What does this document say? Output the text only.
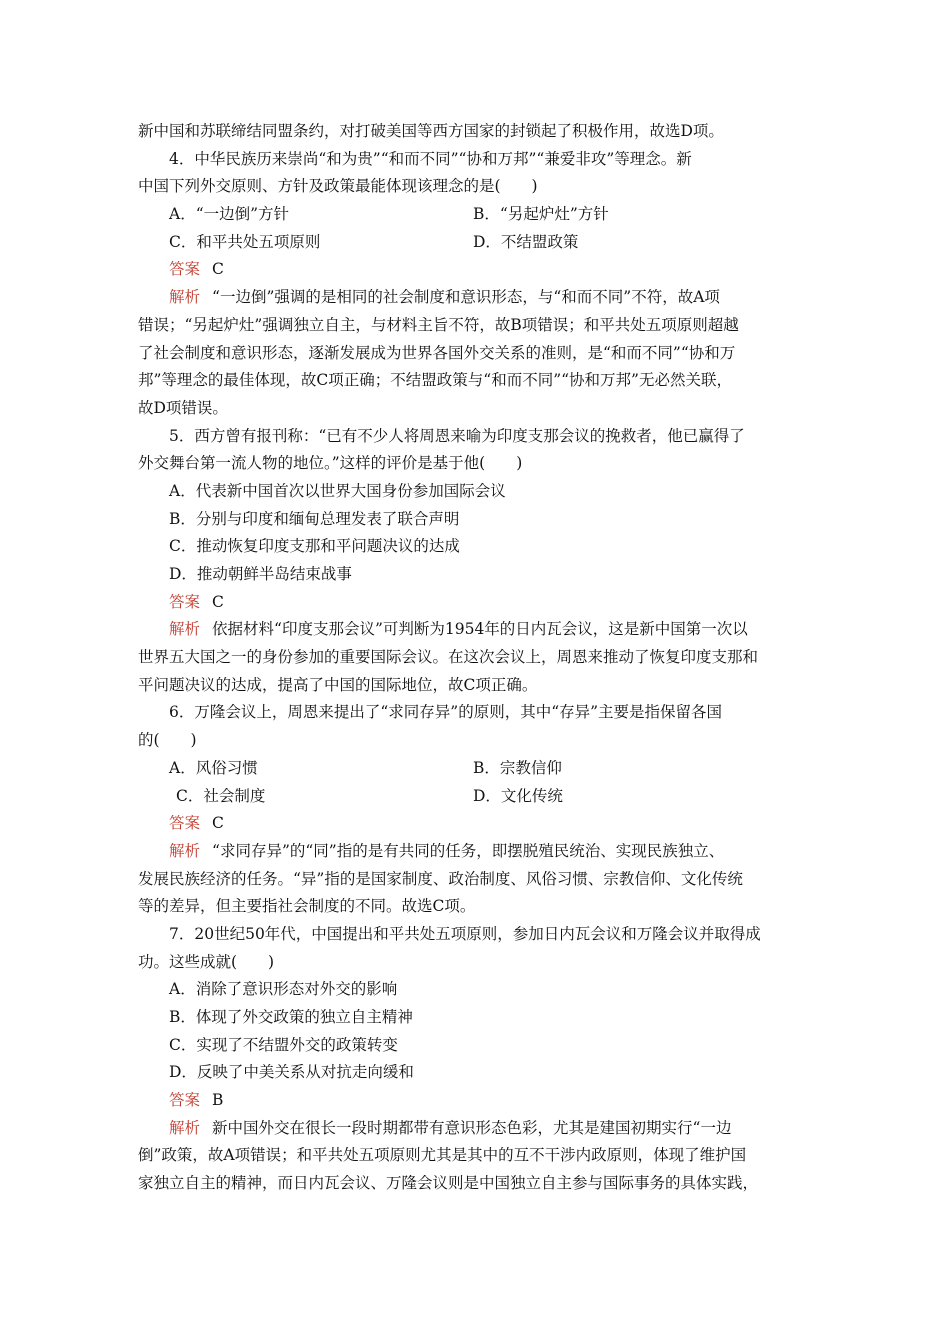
新中国和苏联缔结同盟条约，对打破美国等西方国家的封锁起了积极作用，故选D项。
4．中华民族历来崇尚“和为贵”“和而不同”“协和万邦”“兼爱非攻”等理念。新
中国下列外交原则、方针及政策最能体现该理念的是(　　)
A．“一边倒”方针	B．“另起炉灶”方针
C．和平共处五项原则	D．不结盟政策
答案 C
解析 “一边倒”强调的是相同的社会制度和意识形态，与“和而不同”不符，故A项
错误；“另起炉灶”强调独立自主，与材料主旨不符，故B项错误；和平共处五项原则超越
了社会制度和意识形态，逐渐发展成为世界各国外交关系的准则，是“和而不同”“协和万
邦”等理念的最佳体现，故C项正确；不结盟政策与“和而不同”“协和万邦”无必然关联，
故D项错误。
5．西方曾有报刊称：“已有不少人将周恩来喻为印度支那会议的挽救者，他已赢得了
外交舞台第一流人物的地位。”这样的评价是基于他(　　)
A．代表新中国首次以世界大国身份参加国际会议
B．分别与印度和缅甸总理发表了联合声明
C．推动恢复印度支那和平问题决议的达成
D．推动朝鲜半岛结束战事
答案 C
解析 依据材料“印度支那会议”可判断为1954年的日内瓦会议，这是新中国第一次以
世界五大国之一的身份参加的重要国际会议。在这次会议上，周恩来推动了恢复印度支那和
平问题决议的达成，提高了中国的国际地位，故C项正确。
6．万隆会议上，周恩来提出了“求同存异”的原则，其中“存异”主要是指保留各国
的(　　)
A．风俗习惯	B．宗教信仰
C．社会制度	D．文化传统
答案 C
解析 “求同存异”的“同”指的是有共同的任务，即摆脱殖民统治、实现民族独立、
发展民族经济的任务。“异”指的是国家制度、政治制度、风俗习惯、宗教信仰、文化传统
等的差异，但主要指社会制度的不同。故选C项。
7．20世纪50年代，中国提出和平共处五项原则，参加日内瓦会议和万隆会议并取得成
功。这些成就(　　)
A．消除了意识形态对外交的影响
B．体现了外交政策的独立自主精神
C．实现了不结盟外交的政策转变
D．反映了中美关系从对抗走向缓和
答案 B
解析 新中国外交在很长一段时期都带有意识形态色彩，尤其是建国初期实行“一边
倒”政策，故A项错误；和平共处五项原则尤其是其中的互不干涉内政原则，体现了维护国
家独立自主的精神，而日内瓦会议、万隆会议则是中国独立自主参与国际事务的具体实践，
